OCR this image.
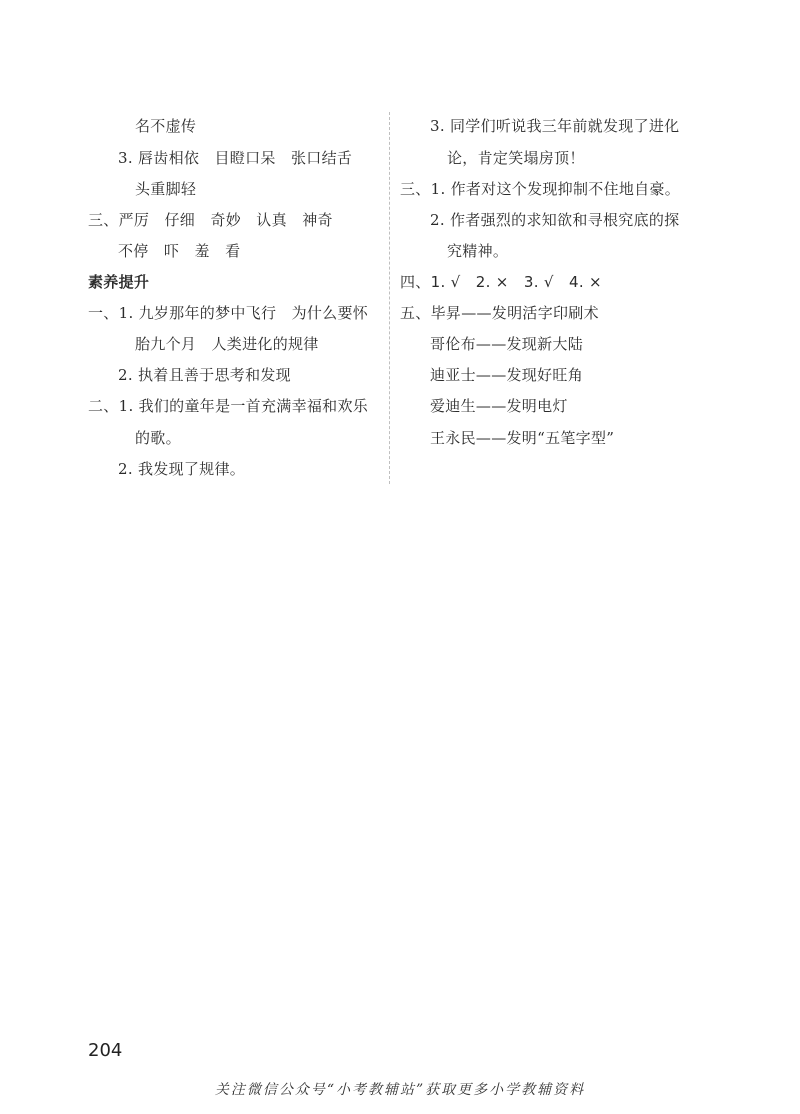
名不虚传
3. 唇齿相依　目瞪口呆　张口结舌
头重脚轻
三、严厉　仔细　奇妙　认真　神奇
不停　吓　羞　看
素养提升
一、1. 九岁那年的梦中飞行　为什么要怀
胎九个月　人类进化的规律
2. 执着且善于思考和发现
二、1. 我们的童年是一首充满幸福和欢乐
的歌。
2. 我发现了规律。
3. 同学们听说我三年前就发现了进化
论，肯定笑塌房顶！
三、1. 作者对这个发现抑制不住地自豪。
2. 作者强烈的求知欲和寻根究底的探
究精神。
四、1. √　2. ×　3. √　4. ×
五、毕昇——发明活字印刷术
哥伦布——发现新大陆
迪亚士——发现好旺角
爱迪生——发明电灯
王永民——发明“五笔字型”
204
关注微信公众号“小考教辅站”获取更多小学教辅资料
